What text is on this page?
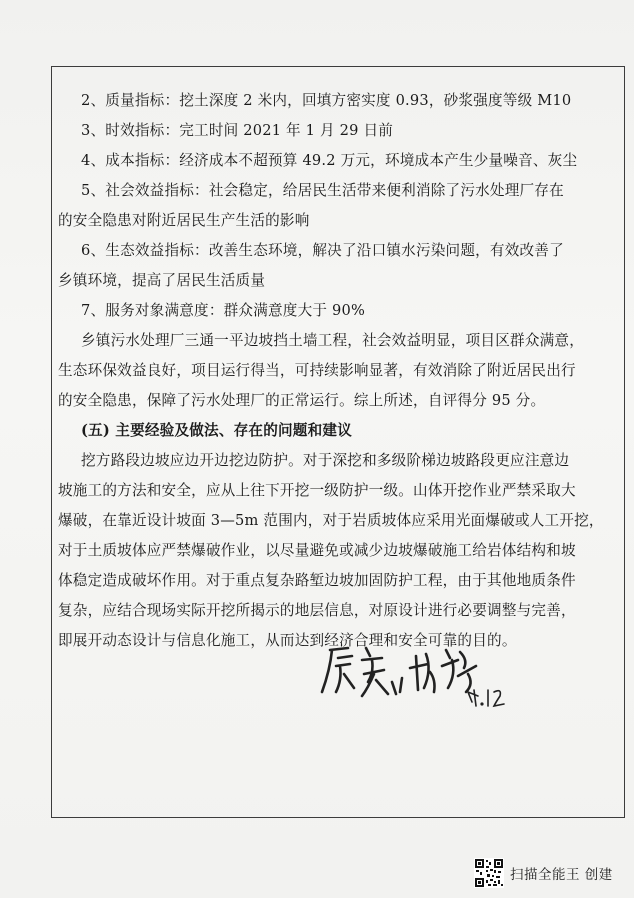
2、质量指标：挖土深度 2 米内，回填方密实度 0.93，砂浆强度等级 M10
3、时效指标：完工时间 2021 年 1 月 29 日前
4、成本指标：经济成本不超预算 49.2 万元，环境成本产生少量噪音、灰尘
5、社会效益指标：社会稳定，给居民生活带来便利消除了污水处理厂存在
的安全隐患对附近居民生产生活的影响
6、生态效益指标：改善生态环境，解决了沿口镇水污染问题，有效改善了
乡镇环境，提高了居民生活质量
7、服务对象满意度：群众满意度大于 90%
乡镇污水处理厂三通一平边坡挡土墙工程，社会效益明显，项目区群众满意，
生态环保效益良好，项目运行得当，可持续影响显著，有效消除了附近居民出行
的安全隐患，保障了污水处理厂的正常运行。综上所述，自评得分 95 分。
(五) 主要经验及做法、存在的问题和建议
挖方路段边坡应边开边挖边防护。对于深挖和多级阶梯边坡路段更应注意边
坡施工的方法和安全，应从上往下开挖一级防护一级。山体开挖作业严禁采取大
爆破，在靠近设计坡面 3—5m 范围内，对于岩质坡体应采用光面爆破或人工开挖，
对于土质坡体应严禁爆破作业，以尽量避免或减少边坡爆破施工给岩体结构和坡
体稳定造成破坏作用。对于重点复杂路堑边坡加固防护工程，由于其他地质条件
复杂，应结合现场实际开挖所揭示的地层信息，对原设计进行必要调整与完善，
即展开动态设计与信息化施工，从而达到经济合理和安全可靠的目的。
扫描全能王 创建
